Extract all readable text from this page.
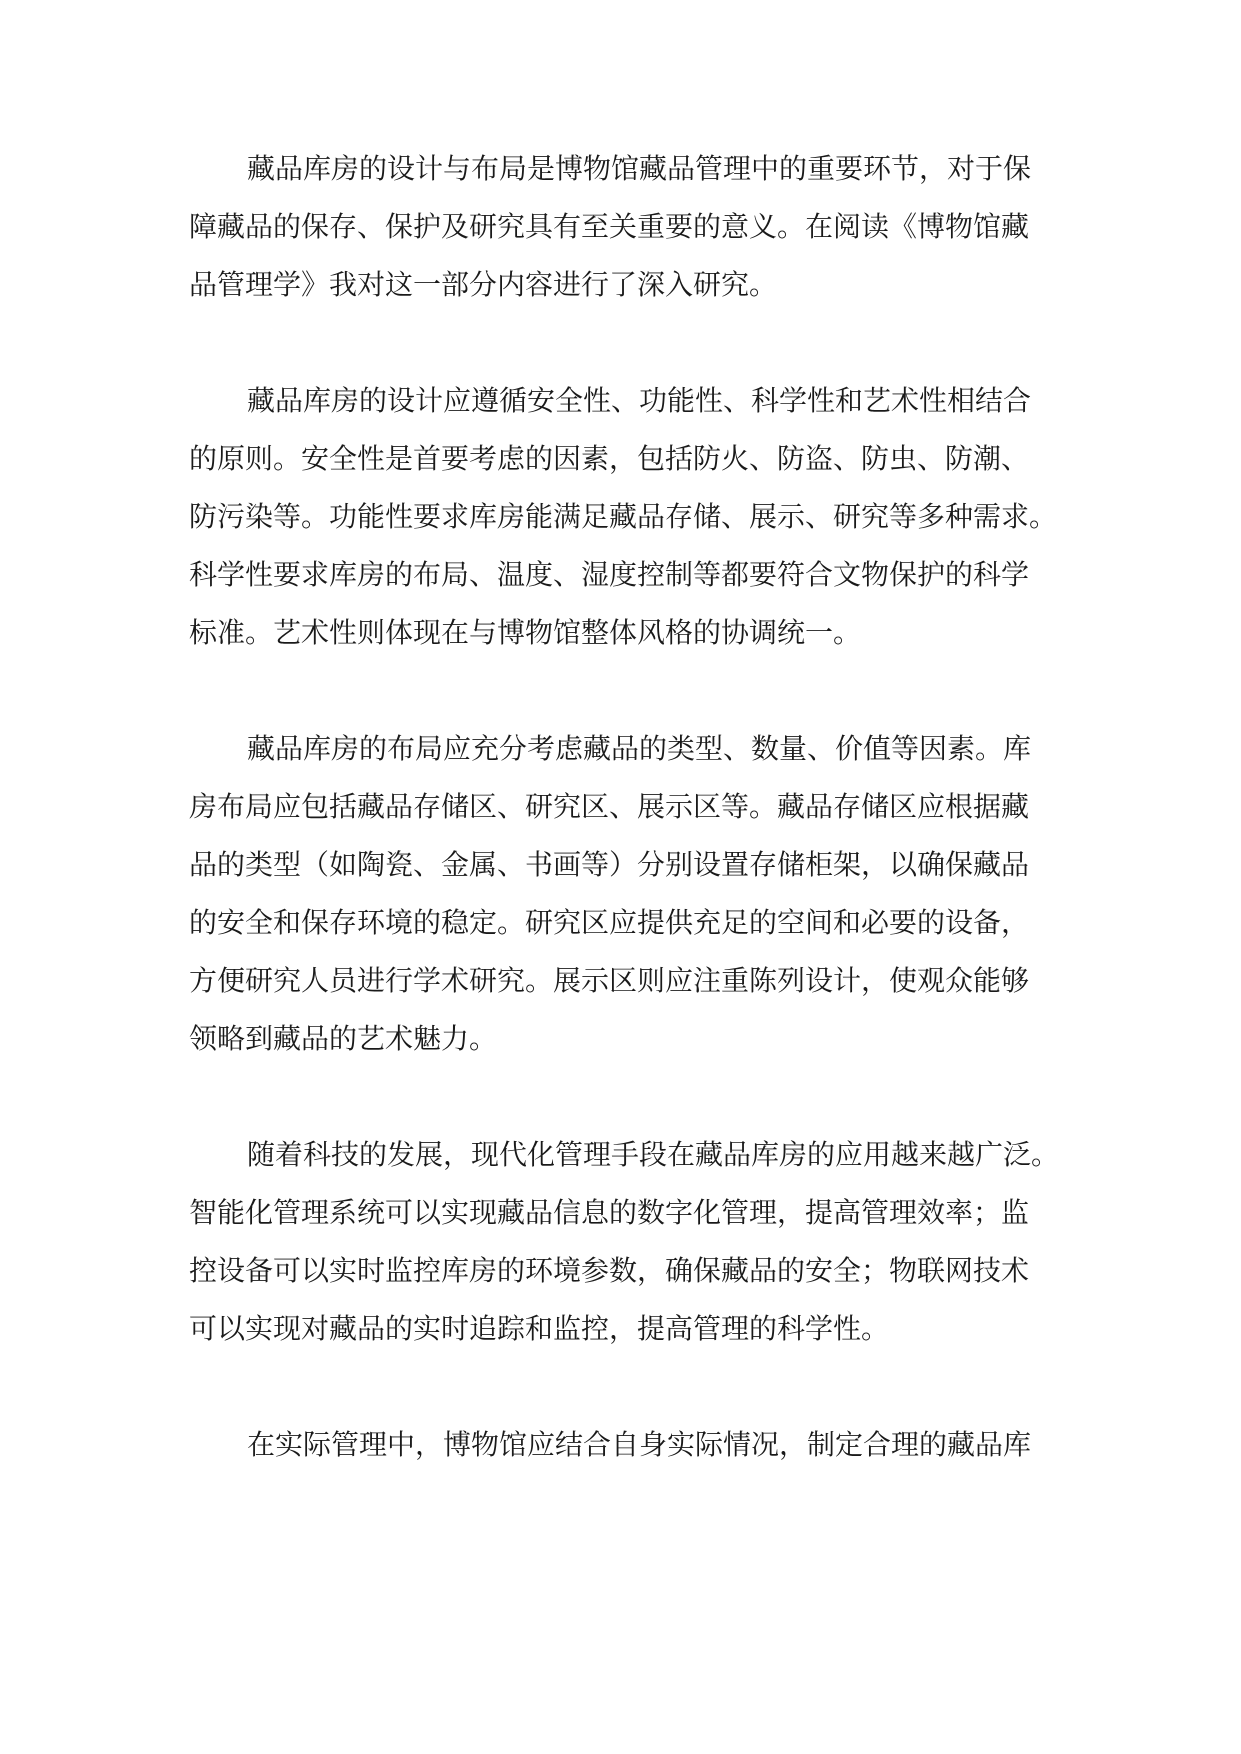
藏品库房的设计与布局是博物馆藏品管理中的重要环节，对于保
障藏品的保存、保护及研究具有至关重要的意义。在阅读《博物馆藏
品管理学》我对这一部分内容进行了深入研究。

藏品库房的设计应遵循安全性、功能性、科学性和艺术性相结合
的原则。安全性是首要考虑的因素，包括防火、防盗、防虫、防潮、
防污染等。功能性要求库房能满足藏品存储、展示、研究等多种需求。
科学性要求库房的布局、温度、湿度控制等都要符合文物保护的科学
标准。艺术性则体现在与博物馆整体风格的协调统一。

藏品库房的布局应充分考虑藏品的类型、数量、价值等因素。库
房布局应包括藏品存储区、研究区、展示区等。藏品存储区应根据藏
品的类型（如陶瓷、金属、书画等）分别设置存储柜架，以确保藏品
的安全和保存环境的稳定。研究区应提供充足的空间和必要的设备，
方便研究人员进行学术研究。展示区则应注重陈列设计，使观众能够
领略到藏品的艺术魅力。

随着科技的发展，现代化管理手段在藏品库房的应用越来越广泛。
智能化管理系统可以实现藏品信息的数字化管理，提高管理效率；监
控设备可以实时监控库房的环境参数，确保藏品的安全；物联网技术
可以实现对藏品的实时追踪和监控，提高管理的科学性。

在实际管理中，博物馆应结合自身实际情况，制定合理的藏品库
